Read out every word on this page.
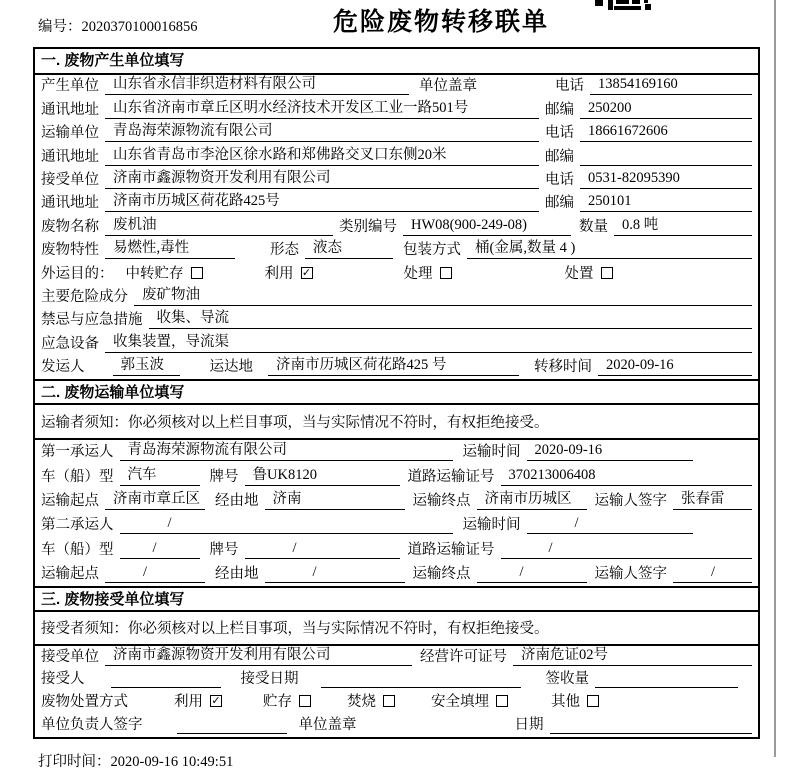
编号：2020370100016856	危险废物转移联单
一. 废物产生单位填写
产生单位 山东省永信非织造材料有限公司	单位盖章	电话 13854169160
通讯地址 山东省济南市章丘区明水经济技术开发区工业一路501号	邮编 250200
运输单位 青岛海荣源物流有限公司	电话 18661672606
通讯地址 山东省青岛市李沧区徐水路和郑佛路交叉口东侧20米	邮编
接受单位 济南市鑫源物资开发利用有限公司	电话 0531-82095390
通讯地址 济南市历城区荷花路425号	邮编 250101
废物名称 废机油	类别编号 HW08(900-249-08)	数量 0.8 吨
废物特性 易燃性,毒性	形态 液态	包装方式 桶(金属,数量 4 )
外运目的： 中转贮存	利用 ✓	处理	处置
主要危险成分 废矿物油
禁忌与应急措施 收集、导流
应急设备 收集装置，导流渠
发运人	郭玉波	运达地	济南市历城区荷花路425 号	转移时间 2020-09-16
二. 废物运输单位填写
运输者须知：你必须核对以上栏目事项，当与实际情况不符时，有权拒绝接受。
第一承运人 青岛海荣源物流有限公司	运输时间 2020-09-16
车（船）型 汽车	牌号 鲁UK8120	道路运输证号 370213006408
运输起点 济南市章丘区	经由地 济南	运输终点 济南市历城区	运输人签字 张春雷
第二承运人	/	运输时间	/
车（船）型	/	牌号	/	道路运输证号	/
运输起点	/	经由地	/	运输终点	/	运输人签字	/
三. 废物接受单位填写
接受者须知：你必须核对以上栏目事项，当与实际情况不符时，有权拒绝接受。
接受单位 济南市鑫源物资开发利用有限公司	经营许可证号 济南危证02号
接受人	接受日期	签收量
废物处置方式	利用 ✓	贮存	焚烧	安全填埋	其他
单位负责人签字	单位盖章	日期
打印时间：2020-09-16 10:49:51
